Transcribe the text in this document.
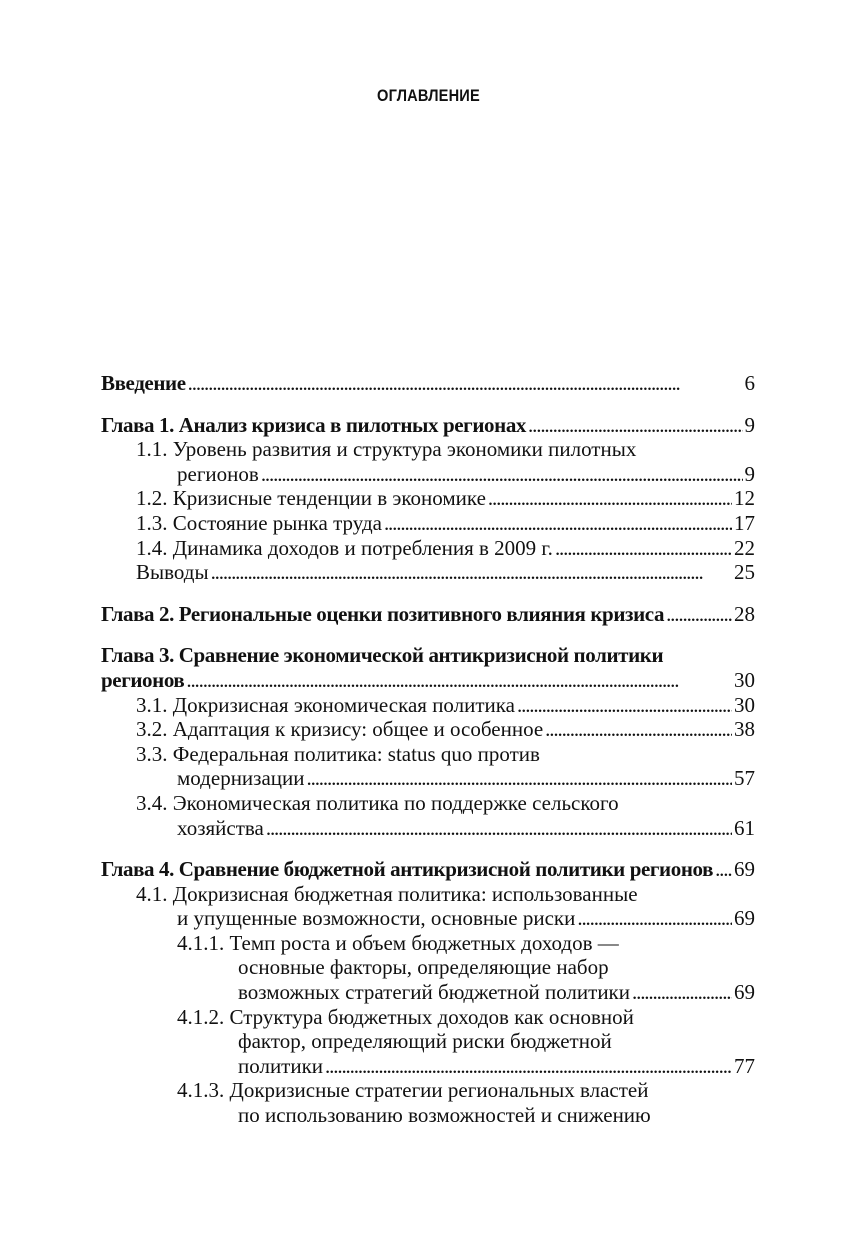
ОГЛАВЛЕНИЕ
Введение . . .	6
Глава 1. Анализ кризиса в пилотных регионах . . .	9
1.1. Уровень развития и структура экономики пилотных
регионов . . .	9
1.2. Кризисные тенденции в экономике . . .	12
1.3. Состояние рынка труда . . .	17
1.4. Динамика доходов и потребления в 2009 г. . . .	22
Выводы . . .	25
Глава 2. Региональные оценки позитивного влияния кризиса . . .	28
Глава 3. Сравнение экономической антикризисной политики
регионов . . .	30
3.1. Докризисная экономическая политика . . .	30
3.2. Адаптация к кризису: общее и особенное . . .	38
3.3. Федеральная политика: status quo против
модернизации . . .	57
3.4. Экономическая политика по поддержке сельского
хозяйства . . .	61
Глава 4. Сравнение бюджетной антикризисной политики регионов . . . 69
4.1. Докризисная бюджетная политика: использованные
и упущенные возможности, основные риски . . .	69
4.1.1. Темп роста и объем бюджетных доходов —
основные факторы, определяющие набор
возможных стратегий бюджетной политики . . .	69
4.1.2. Структура бюджетных доходов как основной
фактор, определяющий риски бюджетной
политики . . .	77
4.1.3. Докризисные стратегии региональных властей
по использованию возможностей и снижению
